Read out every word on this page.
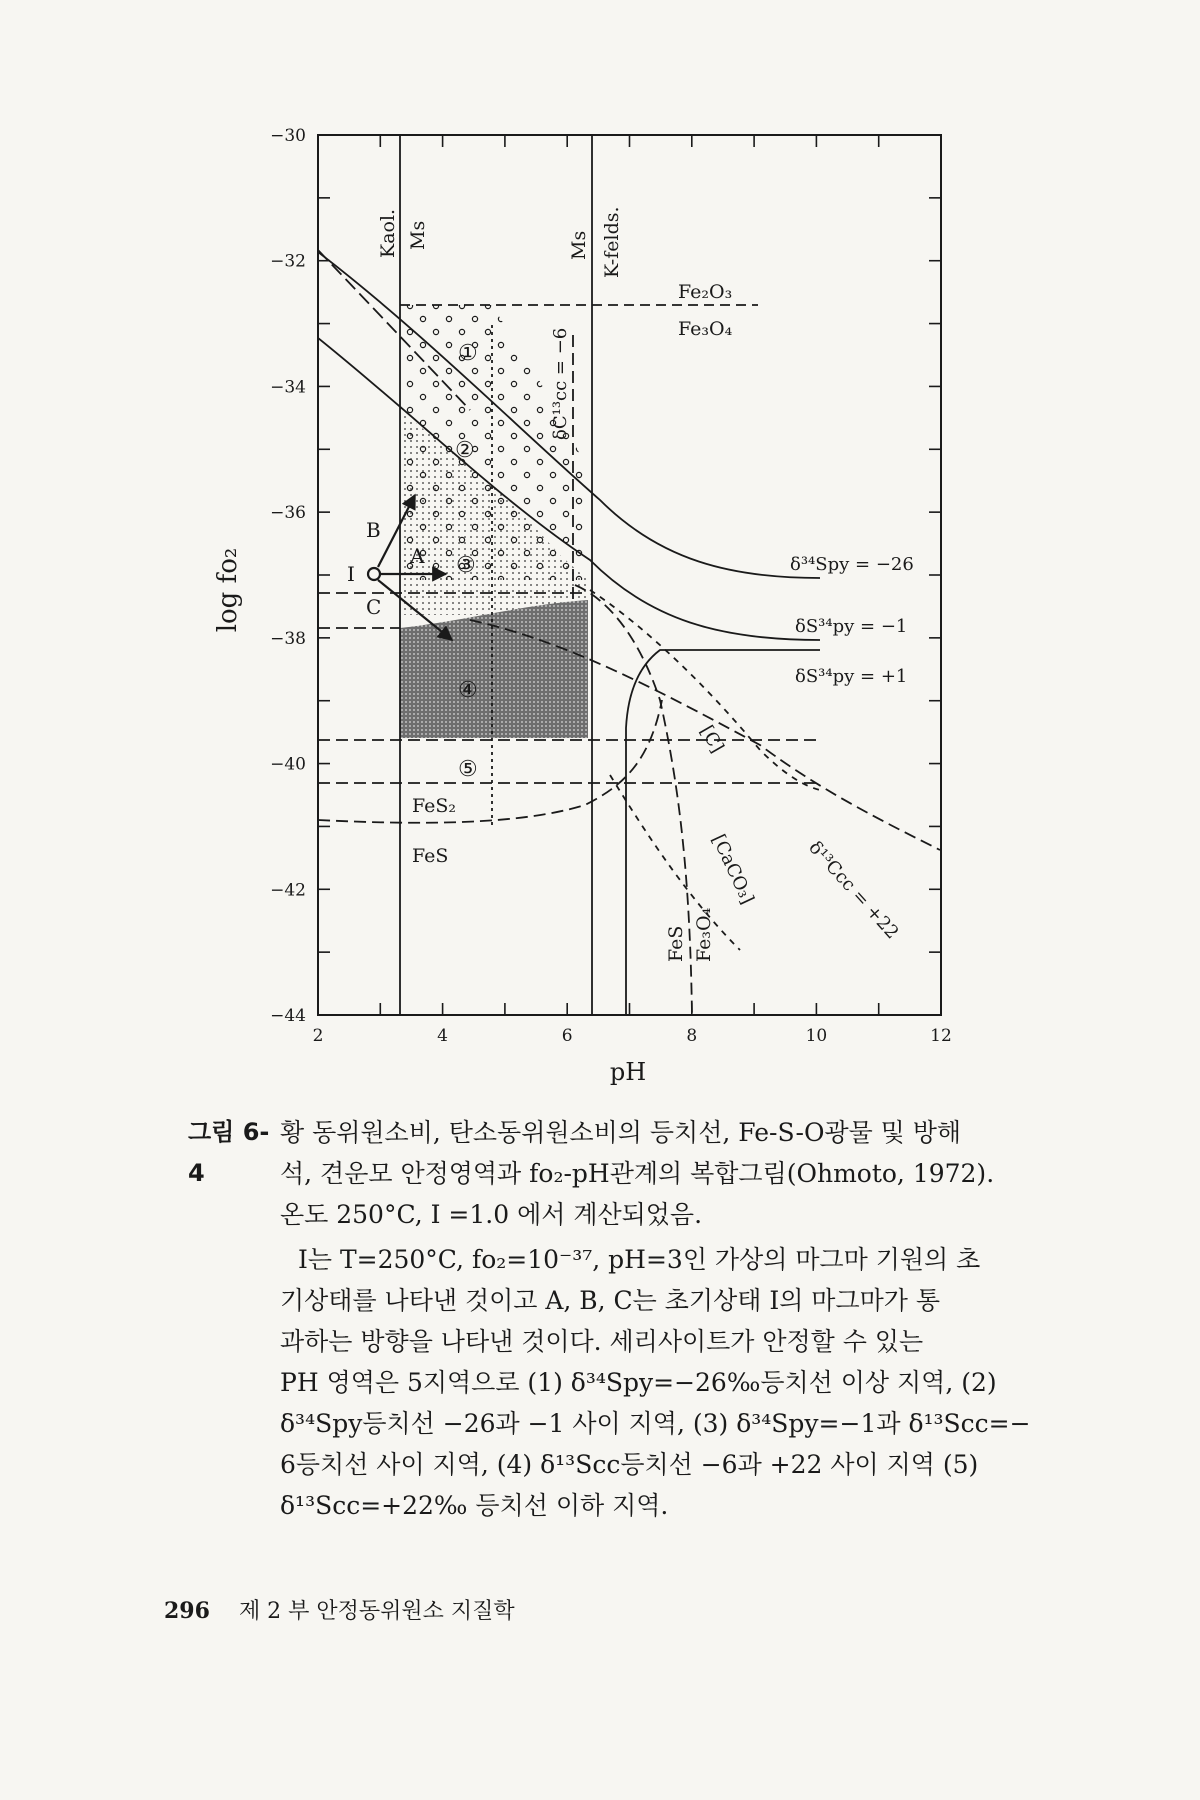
−30
−32
−34
−36
−38
−40
−42
−44
2	4	6	8	10	12
log fo₂
pH
Kaol. Ms	Ms K-felds.
Fe₂O₃
Fe₃O₄
FeS₂
FeS
FeS Fe₃O₄
δC¹³cc = −6
δ³⁴Spy = −26
δS³⁴py = −1
δS³⁴py = +1
δ¹³Ccc = +22
[C]
[CaCO₃]
①
②
③
④
⑤
I
A
B
C
그림 6-4
황 동위원소비, 탄소동위원소비의 등치선, Fe-S-O광물 및 방해
석, 견운모 안정영역과 fo₂-pH관계의 복합그림(Ohmoto, 1972).
온도 250°C, Ⅰ =1.0 에서 계산되었음.
Ⅰ는 T=250°C, fo₂=10⁻³⁷, pH=3인 가상의 마그마 기원의 초
기상태를 나타낸 것이고 A, B, C는 초기상태 Ⅰ의 마그마가 통
과하는 방향을 나타낸 것이다. 세리사이트가 안정할 수 있는
PH 영역은 5지역으로 (1) δ³⁴Spy=−26‰등치선 이상 지역, (2)
δ³⁴Spy등치선 −26과 −1 사이 지역, (3) δ³⁴Spy=−1과 δ¹³Scc=−
6등치선 사이 지역, (4) δ¹³Scc등치선 −6과 +22 사이 지역 (5)
δ¹³Scc=+22‰ 등치선 이하 지역.
296 제 2 부 안정동위원소 지질학
